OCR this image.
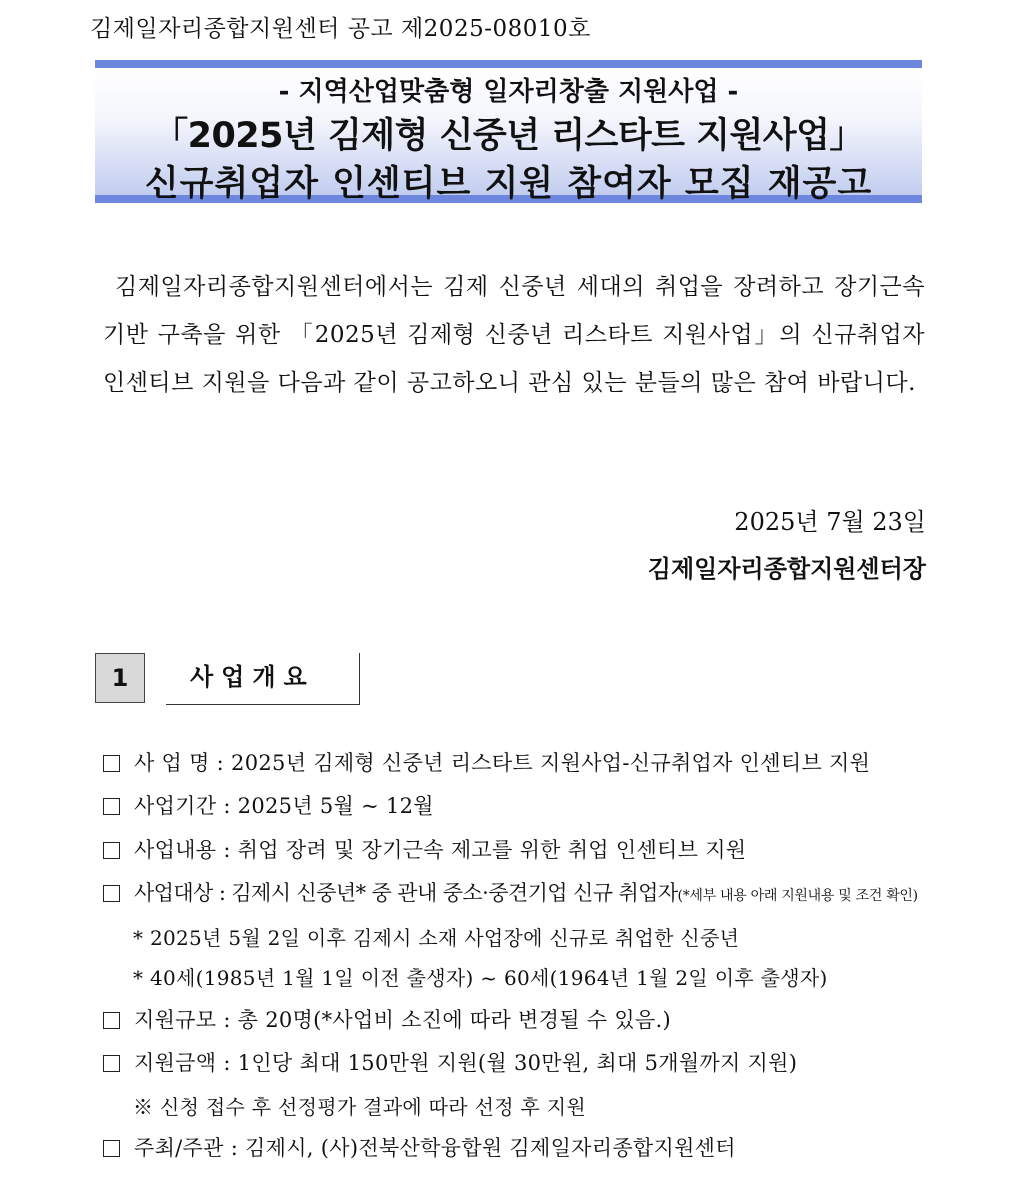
김제일자리종합지원센터 공고 제2025-08010호
- 지역산업맞춤형 일자리창출 지원사업 -
「2025년 김제형 신중년 리스타트 지원사업」
신규취업자 인센티브 지원 참여자 모집 재공고
김제일자리종합지원센터에서는 김제 신중년 세대의 취업을 장려하고 장기근속 기반 구축을 위한 「2025년 김제형 신중년 리스타트 지원사업」의 신규취업자 인센티브 지원을 다음과 같이 공고하오니 관심 있는 분들의 많은 참여 바랍니다.
2025년 7월 23일
김제일자리종합지원센터장
1	사업개요
사 업 명 : 2025년 김제형 신중년 리스타트 지원사업-신규취업자 인센티브 지원
사업기간 : 2025년 5월 ~ 12월
사업내용 : 취업 장려 및 장기근속 제고를 위한 취업 인센티브 지원
사업대상 : 김제시 신중년* 중 관내 중소·중견기업 신규 취업자(*세부 내용 아래 지원내용 및 조건 확인)
* 2025년 5월 2일 이후 김제시 소재 사업장에 신규로 취업한 신중년
* 40세(1985년 1월 1일 이전 출생자) ~ 60세(1964년 1월 2일 이후 출생자)
지원규모 : 총 20명(*사업비 소진에 따라 변경될 수 있음.)
지원금액 : 1인당 최대 150만원 지원(월 30만원, 최대 5개월까지 지원)
※ 신청 접수 후 선정평가 결과에 따라 선정 후 지원
주최/주관 : 김제시, (사)전북산학융합원 김제일자리종합지원센터
